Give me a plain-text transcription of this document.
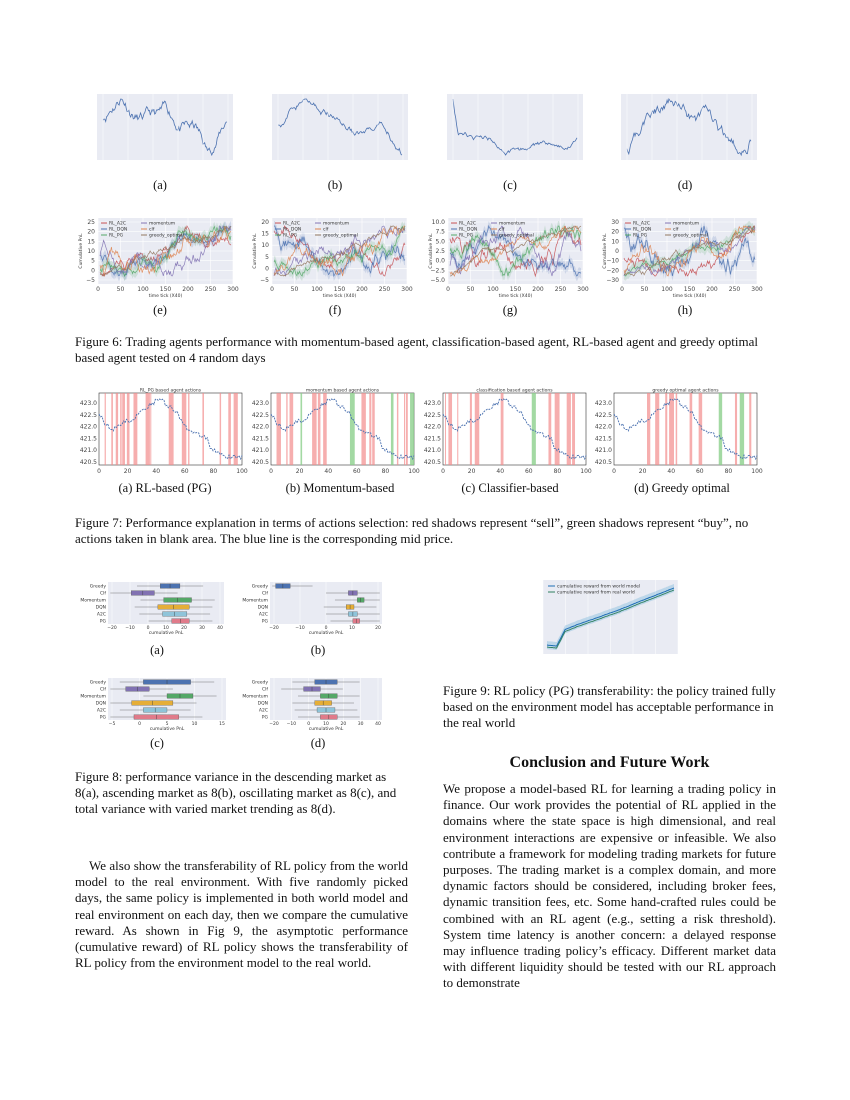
(a)	(b)	(c)	(d)
0	50 100 150 200 250 300
25
20
15
10
5
0
−5
time tick (X40)
Cumulative PnL
RL_A2C
RL_DQN
RL_PG
momentum
clf
greedy_optimal
0	50 100 150 200 250 300
20
15
10
5
0
−5
time tick (X40)
Cumulative PnL
RL_A2C
RL_DQN
RL_PG
momentum
clf
greedy_optimal
0	50 100 150 200 250 300
10.0
7.5
5.0
2.5
0.0
−2.5
−5.0
time tick (X40)
Cumulative PnL
RL_A2C
RL_DQN
RL_PG
momentum
clf
greedy_optimal
0	50 100 150 200 250 300
30
20
10
0
−10
−20
−30
time tick (X40)
Cumulative PnL
RL_A2C
RL_DQN
RL_PG
momentum
clf
greedy_optimal
(e)	(f)	(g)	(h)
Figure 6: Trading agents performance with momentum-based agent, classification-based agent, RL-based agent and greedy optimal based agent tested on 4 random days
RL_PG based agent actions
423.0
422.5
422.0
421.5
421.0
420.5
0	20	40	60	80	100
momentum based agent actions
423.0
422.5
422.0
421.5
421.0
420.5
0	20	40	60	80	100
classification based agent actions
423.0
422.5
422.0
421.5
421.0
420.5
0	20	40	60	80	100
greedy optimal agent actions
423.0
422.5
422.0
421.5
421.0
420.5
0	20	40	60	80	100
(a) RL-based (PG)	(b) Momentum-based	(c) Classifier-based	(d) Greedy optimal
Figure 7: Performance explanation in terms of actions selection: red shadows represent “sell”, green shadows represent “buy”, no actions taken in blank area. The blue line is the corresponding mid price.
−20 −10	0	10	20	30	40
cumulative PnL
Greedy
Clf
Momentum
DQN
A2C
PG
−20	−10	0	10	20
cumulative PnL
Greedy
Clf
Momentum
DQN
A2C
PG
−5	0	5	10	15
cumulative PnL
Greedy
Clf
Momentum
DQN
A2C
PG
−20 −10 0	10	20	30	40
cumulative PnL
Greedy
Clf
Momentum
DQN
A2C
PG
(a)	(b)
(c)	(d)
Figure 8: performance variance in the descending market as 8(a), ascending market as 8(b), oscillating market as 8(c), and total variance with varied market trending as 8(d).
cumulative reward from world model
cumulative reward from real world
Figure 9: RL policy (PG) transferability: the policy trained fully based on the environment model has acceptable performance in the real world
We also show the transferability of RL policy from the world model to the real environment. With five randomly picked days, the same policy is implemented in both world model and real environment on each day, then we compare the cumulative reward. As shown in Fig 9, the asymptotic performance (cumulative reward) of RL policy shows the transferability of RL policy from the environment model to the real world.
Conclusion and Future Work
We propose a model-based RL for learning a trading policy in finance. Our work provides the potential of RL applied in the domains where the state space is high dimensional, and real environment interactions are expensive or infeasible. We also contribute a framework for modeling trading markets for future purposes. The trading market is a complex domain, and more dynamic factors should be considered, including broker fees, dynamic transition fees, etc. Some hand-crafted rules could be combined with an RL agent (e.g., setting a risk threshold). System time latency is another concern: a delayed response may influence trading policy’s efficacy. Different market data with different liquidity should be tested with our RL approach to demonstrate
